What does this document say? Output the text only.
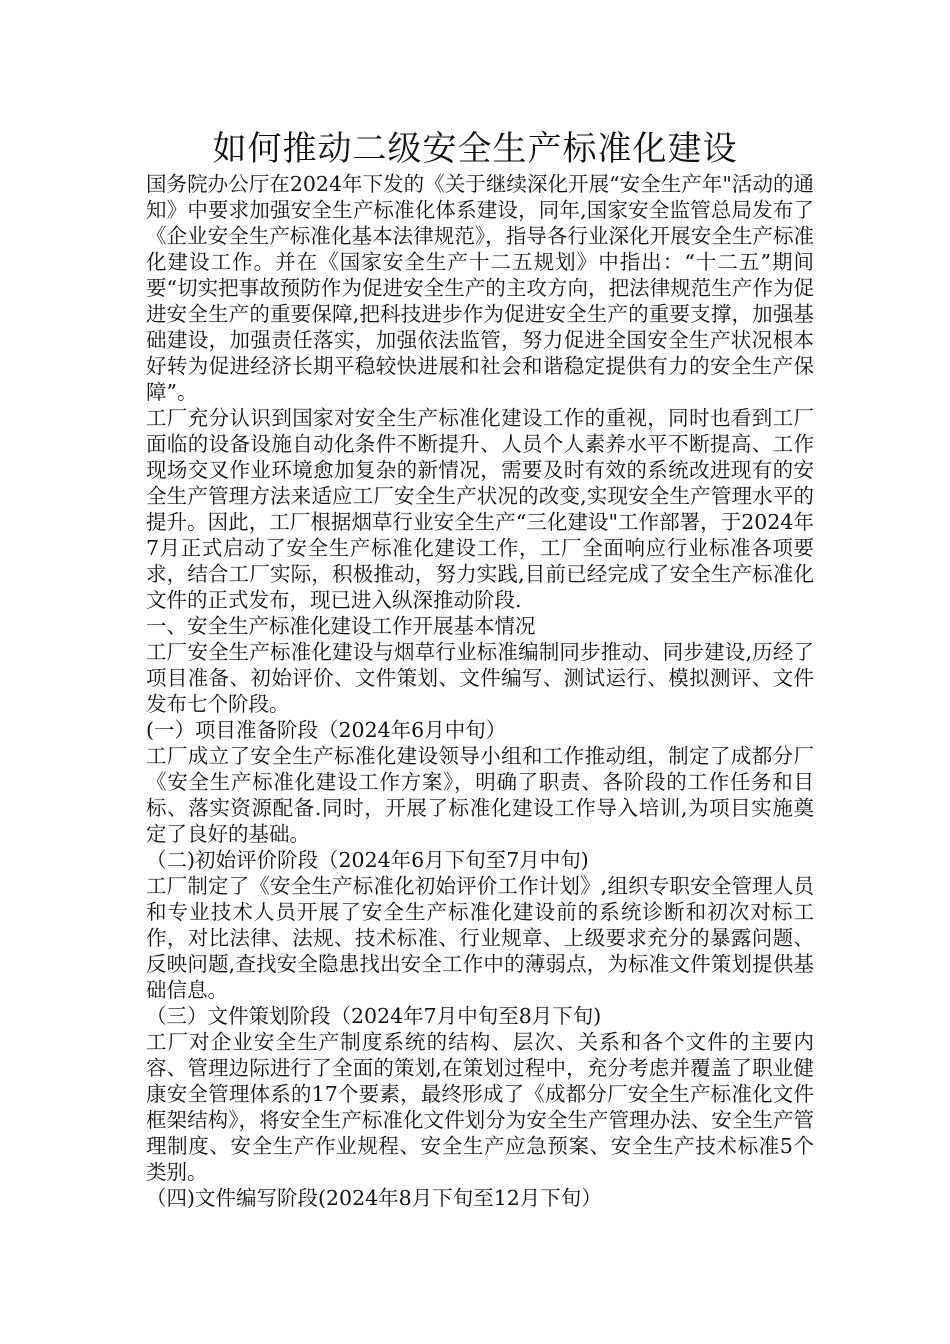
如何推动二级安全生产标准化建设

国务院办公厅在2024年下发的《关于继续深化开展“安全生产年"活动的通知》中要求加强安全生产标准化体系建设，同年,国家安全监管总局发布了《企业安全生产标准化基本法律规范》，指导各行业深化开展安全生产标准化建设工作。并在《国家安全生产十二五规划》中指出：“十二五”期间要“切实把事故预防作为促进安全生产的主攻方向，把法律规范生产作为促进安全生产的重要保障,把科技进步作为促进安全生产的重要支撑，加强基础建设，加强责任落实，加强依法监管，努力促进全国安全生产状况根本好转为促进经济长期平稳较快进展和社会和谐稳定提供有力的安全生产保障”。

工厂充分认识到国家对安全生产标准化建设工作的重视，同时也看到工厂面临的设备设施自动化条件不断提升、人员个人素养水平不断提高、工作现场交叉作业环境愈加复杂的新情况，需要及时有效的系统改进现有的安全生产管理方法来适应工厂安全生产状况的改变,实现安全生产管理水平的提升。因此，工厂根据烟草行业安全生产“三化建设"工作部署，于2024年7月正式启动了安全生产标准化建设工作，工厂全面响应行业标准各项要求，结合工厂实际，积极推动，努力实践,目前已经完成了安全生产标准化文件的正式发布，现已进入纵深推动阶段.

一、安全生产标准化建设工作开展基本情况

工厂安全生产标准化建设与烟草行业标准编制同步推动、同步建设,历经了项目准备、初始评价、文件策划、文件编写、测试运行、模拟测评、文件发布七个阶段。

(一）项目准备阶段（2024年6月中旬）

工厂成立了安全生产标准化建设领导小组和工作推动组，制定了成都分厂《安全生产标准化建设工作方案》，明确了职责、各阶段的工作任务和目标、落实资源配备.同时，开展了标准化建设工作导入培训,为项目实施奠定了良好的基础。

（二)初始评价阶段（2024年6月下旬至7月中旬)

工厂制定了《安全生产标准化初始评价工作计划》,组织专职安全管理人员和专业技术人员开展了安全生产标准化建设前的系统诊断和初次对标工作，对比法律、法规、技术标准、行业规章、上级要求充分的暴露问题、反映问题,查找安全隐患找出安全工作中的薄弱点，为标准文件策划提供基础信息。

（三）文件策划阶段（2024年7月中旬至8月下旬)

工厂对企业安全生产制度系统的结构、层次、关系和各个文件的主要内容、管理边际进行了全面的策划,在策划过程中，充分考虑并覆盖了职业健康安全管理体系的17个要素，最终形成了《成都分厂安全生产标准化文件框架结构》，将安全生产标准化文件划分为安全生产管理办法、安全生产管理制度、安全生产作业规程、安全生产应急预案、安全生产技术标准5个类别。

（四)文件编写阶段(2024年8月下旬至12月下旬）
